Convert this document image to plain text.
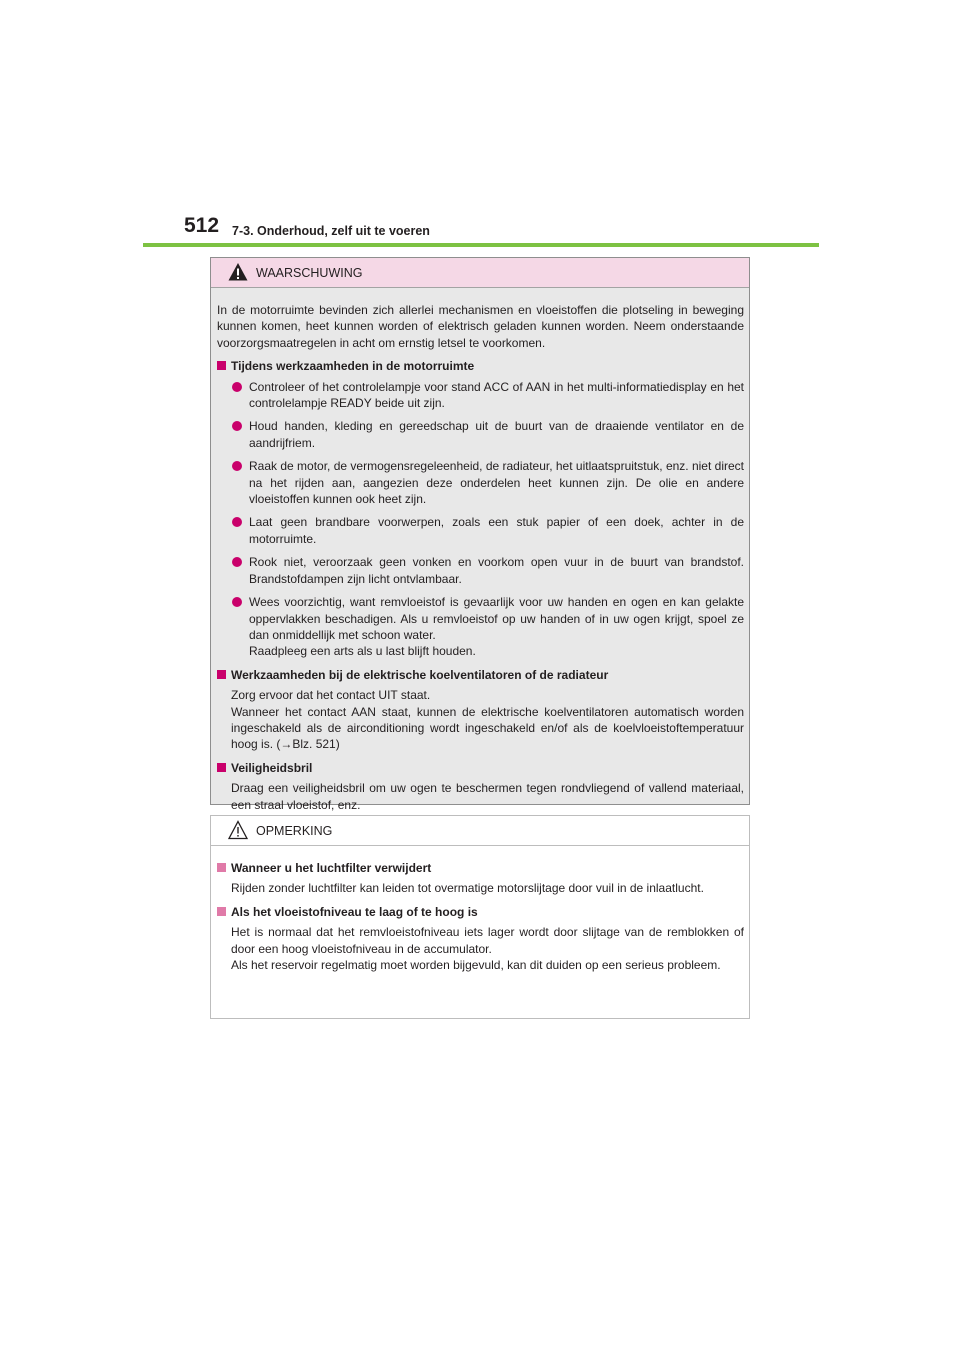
512 7-3. Onderhoud, zelf uit te voeren
WAARSCHUWING

In de motorruimte bevinden zich allerlei mechanismen en vloeistoffen die plotseling in beweging kunnen komen, heet kunnen worden of elektrisch geladen kunnen worden. Neem onderstaande voorzorgsmaatregelen in acht om ernstig letsel te voorkomen.

Tijdens werkzaamheden in de motorruimte
Controleer of het controlelampje voor stand ACC of AAN in het multi-informatiedisplay en het controlelampje READY beide uit zijn.
Houd handen, kleding en gereedschap uit de buurt van de draaiende ventilator en de aandrijfriem.
Raak de motor, de vermogensregeleenheid, de radiateur, het uitlaatspruitstuk, enz. niet direct na het rijden aan, aangezien deze onderdelen heet kunnen zijn. De olie en andere vloeistoffen kunnen ook heet zijn.
Laat geen brandbare voorwerpen, zoals een stuk papier of een doek, achter in de motorruimte.
Rook niet, veroorzaak geen vonken en voorkom open vuur in de buurt van brandstof. Brandstofdampen zijn licht ontvlambaar.
Wees voorzichtig, want remvloeistof is gevaarlijk voor uw handen en ogen en kan gelakte oppervlakken beschadigen. Als u remvloeistof op uw handen of in uw ogen krijgt, spoel ze dan onmiddellijk met schoon water.
Raadpleeg een arts als u last blijft houden.
Werkzaamheden bij de elektrische koelventilatoren of de radiateur
Zorg ervoor dat het contact UIT staat.
Wanneer het contact AAN staat, kunnen de elektrische koelventilatoren automatisch worden ingeschakeld als de airconditioning wordt ingeschakeld en/of als de koelvloeistoftemperatuur hoog is. (→Blz. 521)
Veiligheidsbril
Draag een veiligheidsbril om uw ogen te beschermen tegen rondvliegend of vallend materiaal, een straal vloeistof, enz.
OPMERKING
Wanneer u het luchtfilter verwijdert
Rijden zonder luchtfilter kan leiden tot overmatige motorslijtage door vuil in de inlaatlucht.
Als het vloeistofniveau te laag of te hoog is
Het is normaal dat het remvloeistofniveau iets lager wordt door slijtage van de remblokken of door een hoog vloeistofniveau in de accumulator.
Als het reservoir regelmatig moet worden bijgevuld, kan dit duiden op een serieus probleem.
